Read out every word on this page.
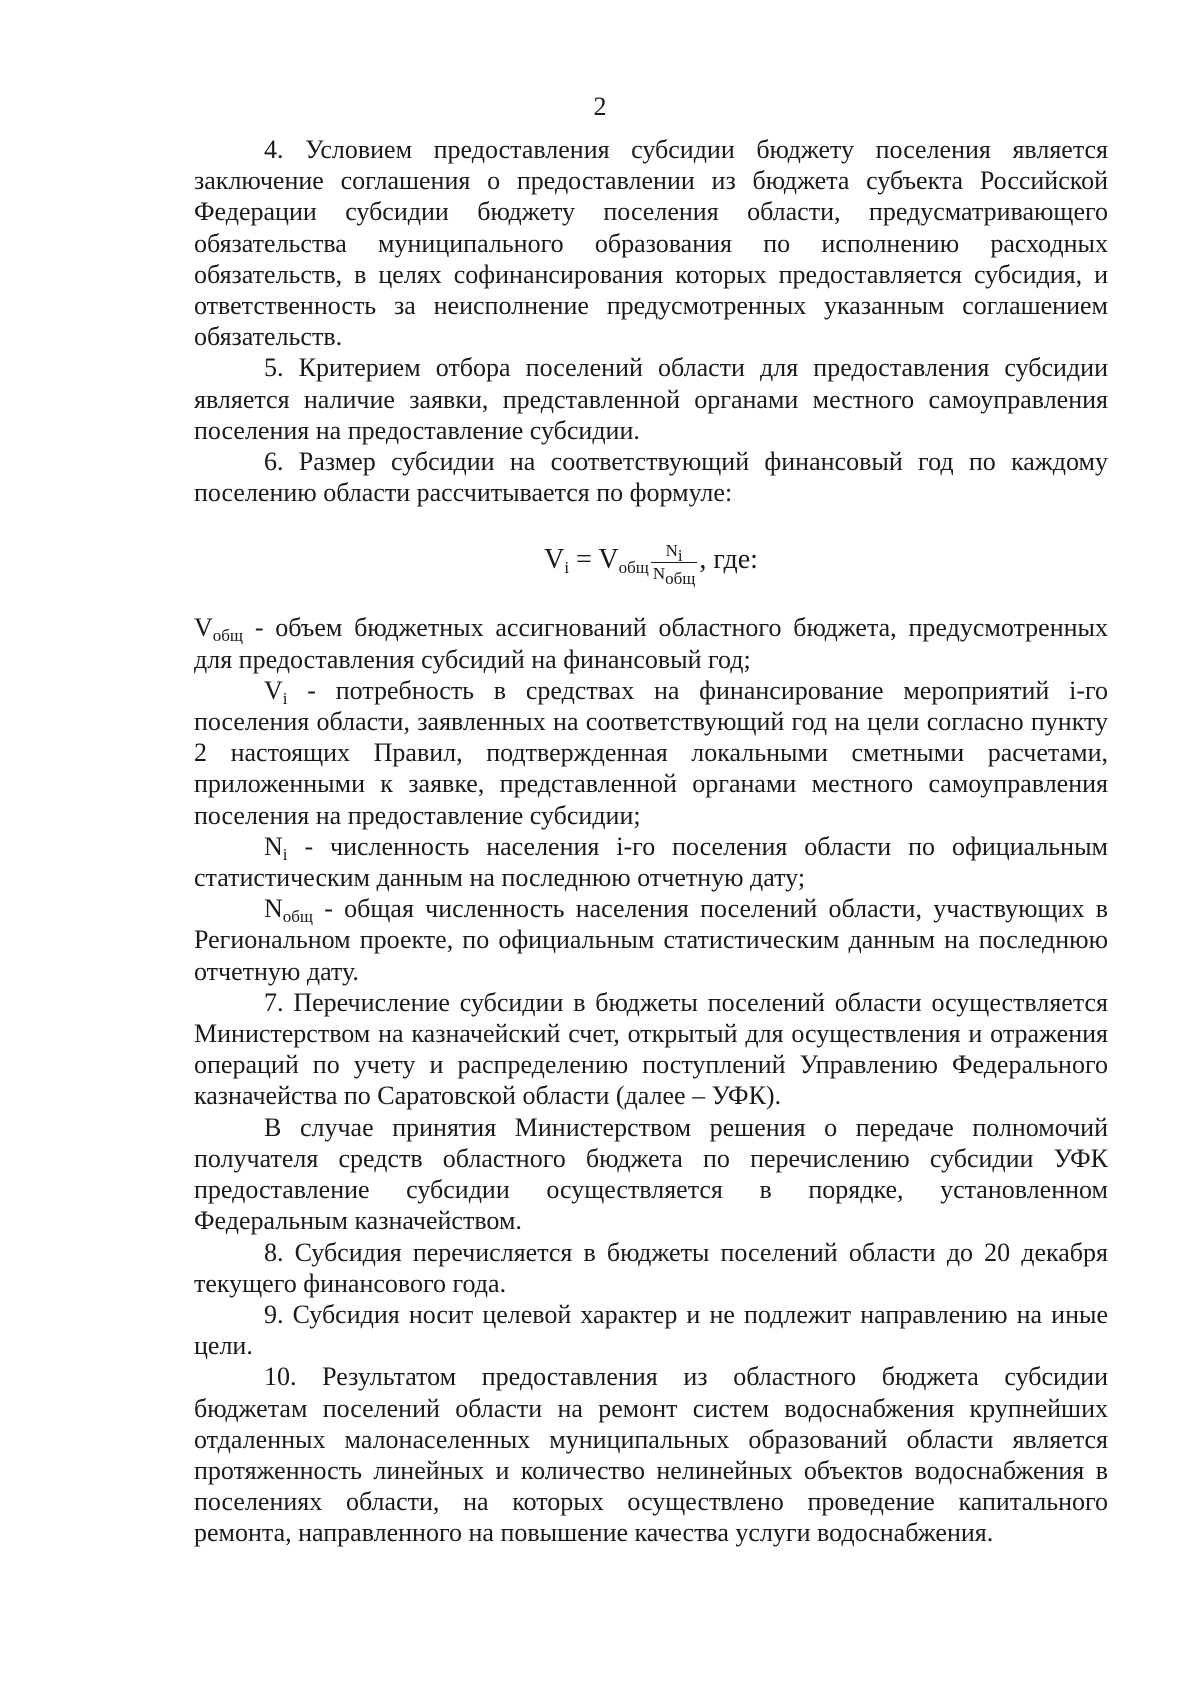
2

4. Условием предоставления субсидии бюджету поселения является заключение соглашения о предоставлении из бюджета субъекта Российской Федерации субсидии бюджету поселения области, предусматривающего обязательства муниципального образования по исполнению расходных обязательств, в целях софинансирования которых предоставляется субсидия, и ответственность за неисполнение предусмотренных указанным соглашением обязательств.

5. Критерием отбора поселений области для предоставления субсидии является наличие заявки, представленной органами местного самоуправления поселения на предоставление субсидии.

6. Размер субсидии на соответствующий финансовый год по каждому поселению области рассчитывается по формуле:

$V_i = V_{общ} \frac{N_i}{N_{общ}}$ , где:

$V_{общ}$ - объем бюджетных ассигнований областного бюджета, предусмотренных для предоставления субсидий на финансовый год;

$V_i$ - потребность в средствах на финансирование мероприятий i-го поселения области, заявленных на соответствующий год на цели согласно пункту 2 настоящих Правил, подтвержденная локальными сметными расчетами, приложенными к заявке, представленной органами местного самоуправления поселения на предоставление субсидии;

$N_i$ - численность населения i-го поселения области по официальным статистическим данным на последнюю отчетную дату;

$N_{общ}$ - общая численность населения поселений области, участвующих в Региональном проекте, по официальным статистическим данным на последнюю отчетную дату.

7. Перечисление субсидии в бюджеты поселений области осуществляется Министерством на казначейский счет, открытый для осуществления и отражения операций по учету и распределению поступлений Управлению Федерального казначейства по Саратовской области (далее – УФК).

В случае принятия Министерством решения о передаче полномочий получателя средств областного бюджета по перечислению субсидии УФК предоставление субсидии осуществляется в порядке, установленном Федеральным казначейством.

8. Субсидия перечисляется в бюджеты поселений области до 20 декабря текущего финансового года.

9. Субсидия носит целевой характер и не подлежит направлению на иные цели.

10. Результатом предоставления из областного бюджета субсидии бюджетам поселений области на ремонт систем водоснабжения крупнейших отдаленных малонаселенных муниципальных образований области является протяженность линейных и количество нелинейных объектов водоснабжения в поселениях области, на которых осуществлено проведение капитального ремонта, направленного на повышение качества услуги водоснабжения.
